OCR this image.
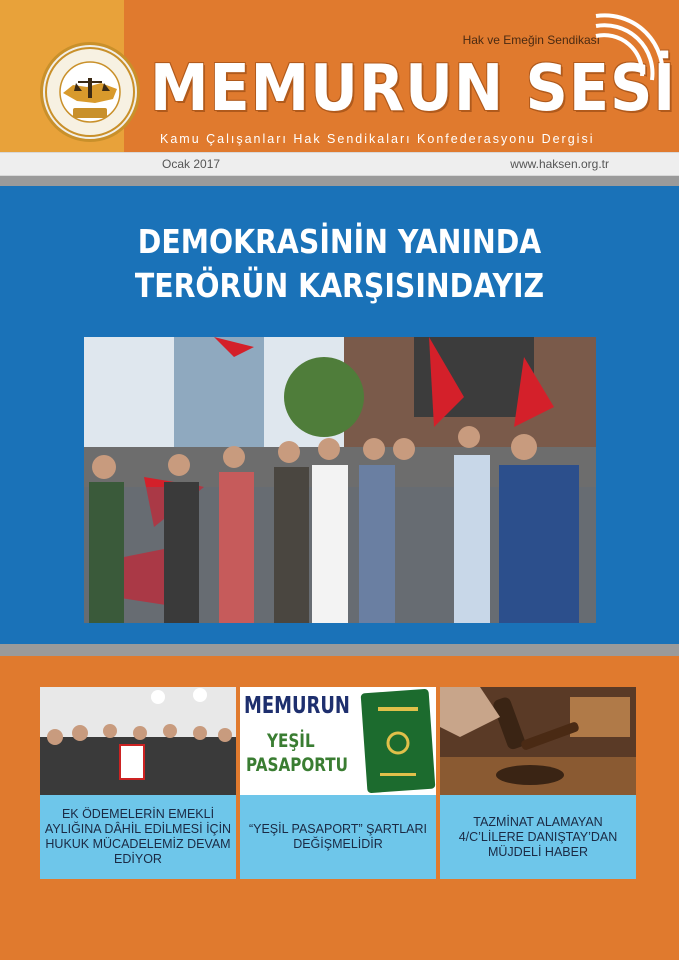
Hak ve Emeğin Sendikası
MEMURUN SESİ
Kamu Çalışanları Hak Sendikaları Konfederasyonu Dergisi
Ocak 2017	www.haksen.org.tr
DEMOKRASİNİN YANINDA
TERÖRÜN KARŞISINDAYIZ
EK ÖDEMELERİN EMEKLİ AYLIĞINA DÂHİL EDİLMESİ İÇİN HUKUK MÜCADELEMİZ DEVAM EDİYOR
MEMURUN
YEŞİL
PASAPORTU
“YEŞİL PASAPORT” ŞARTLARI DEĞİŞMELİDİR
TAZMİNAT ALAMAYAN 4/C’LİLERE DANIŞTAY’DAN MÜJDELİ HABER
